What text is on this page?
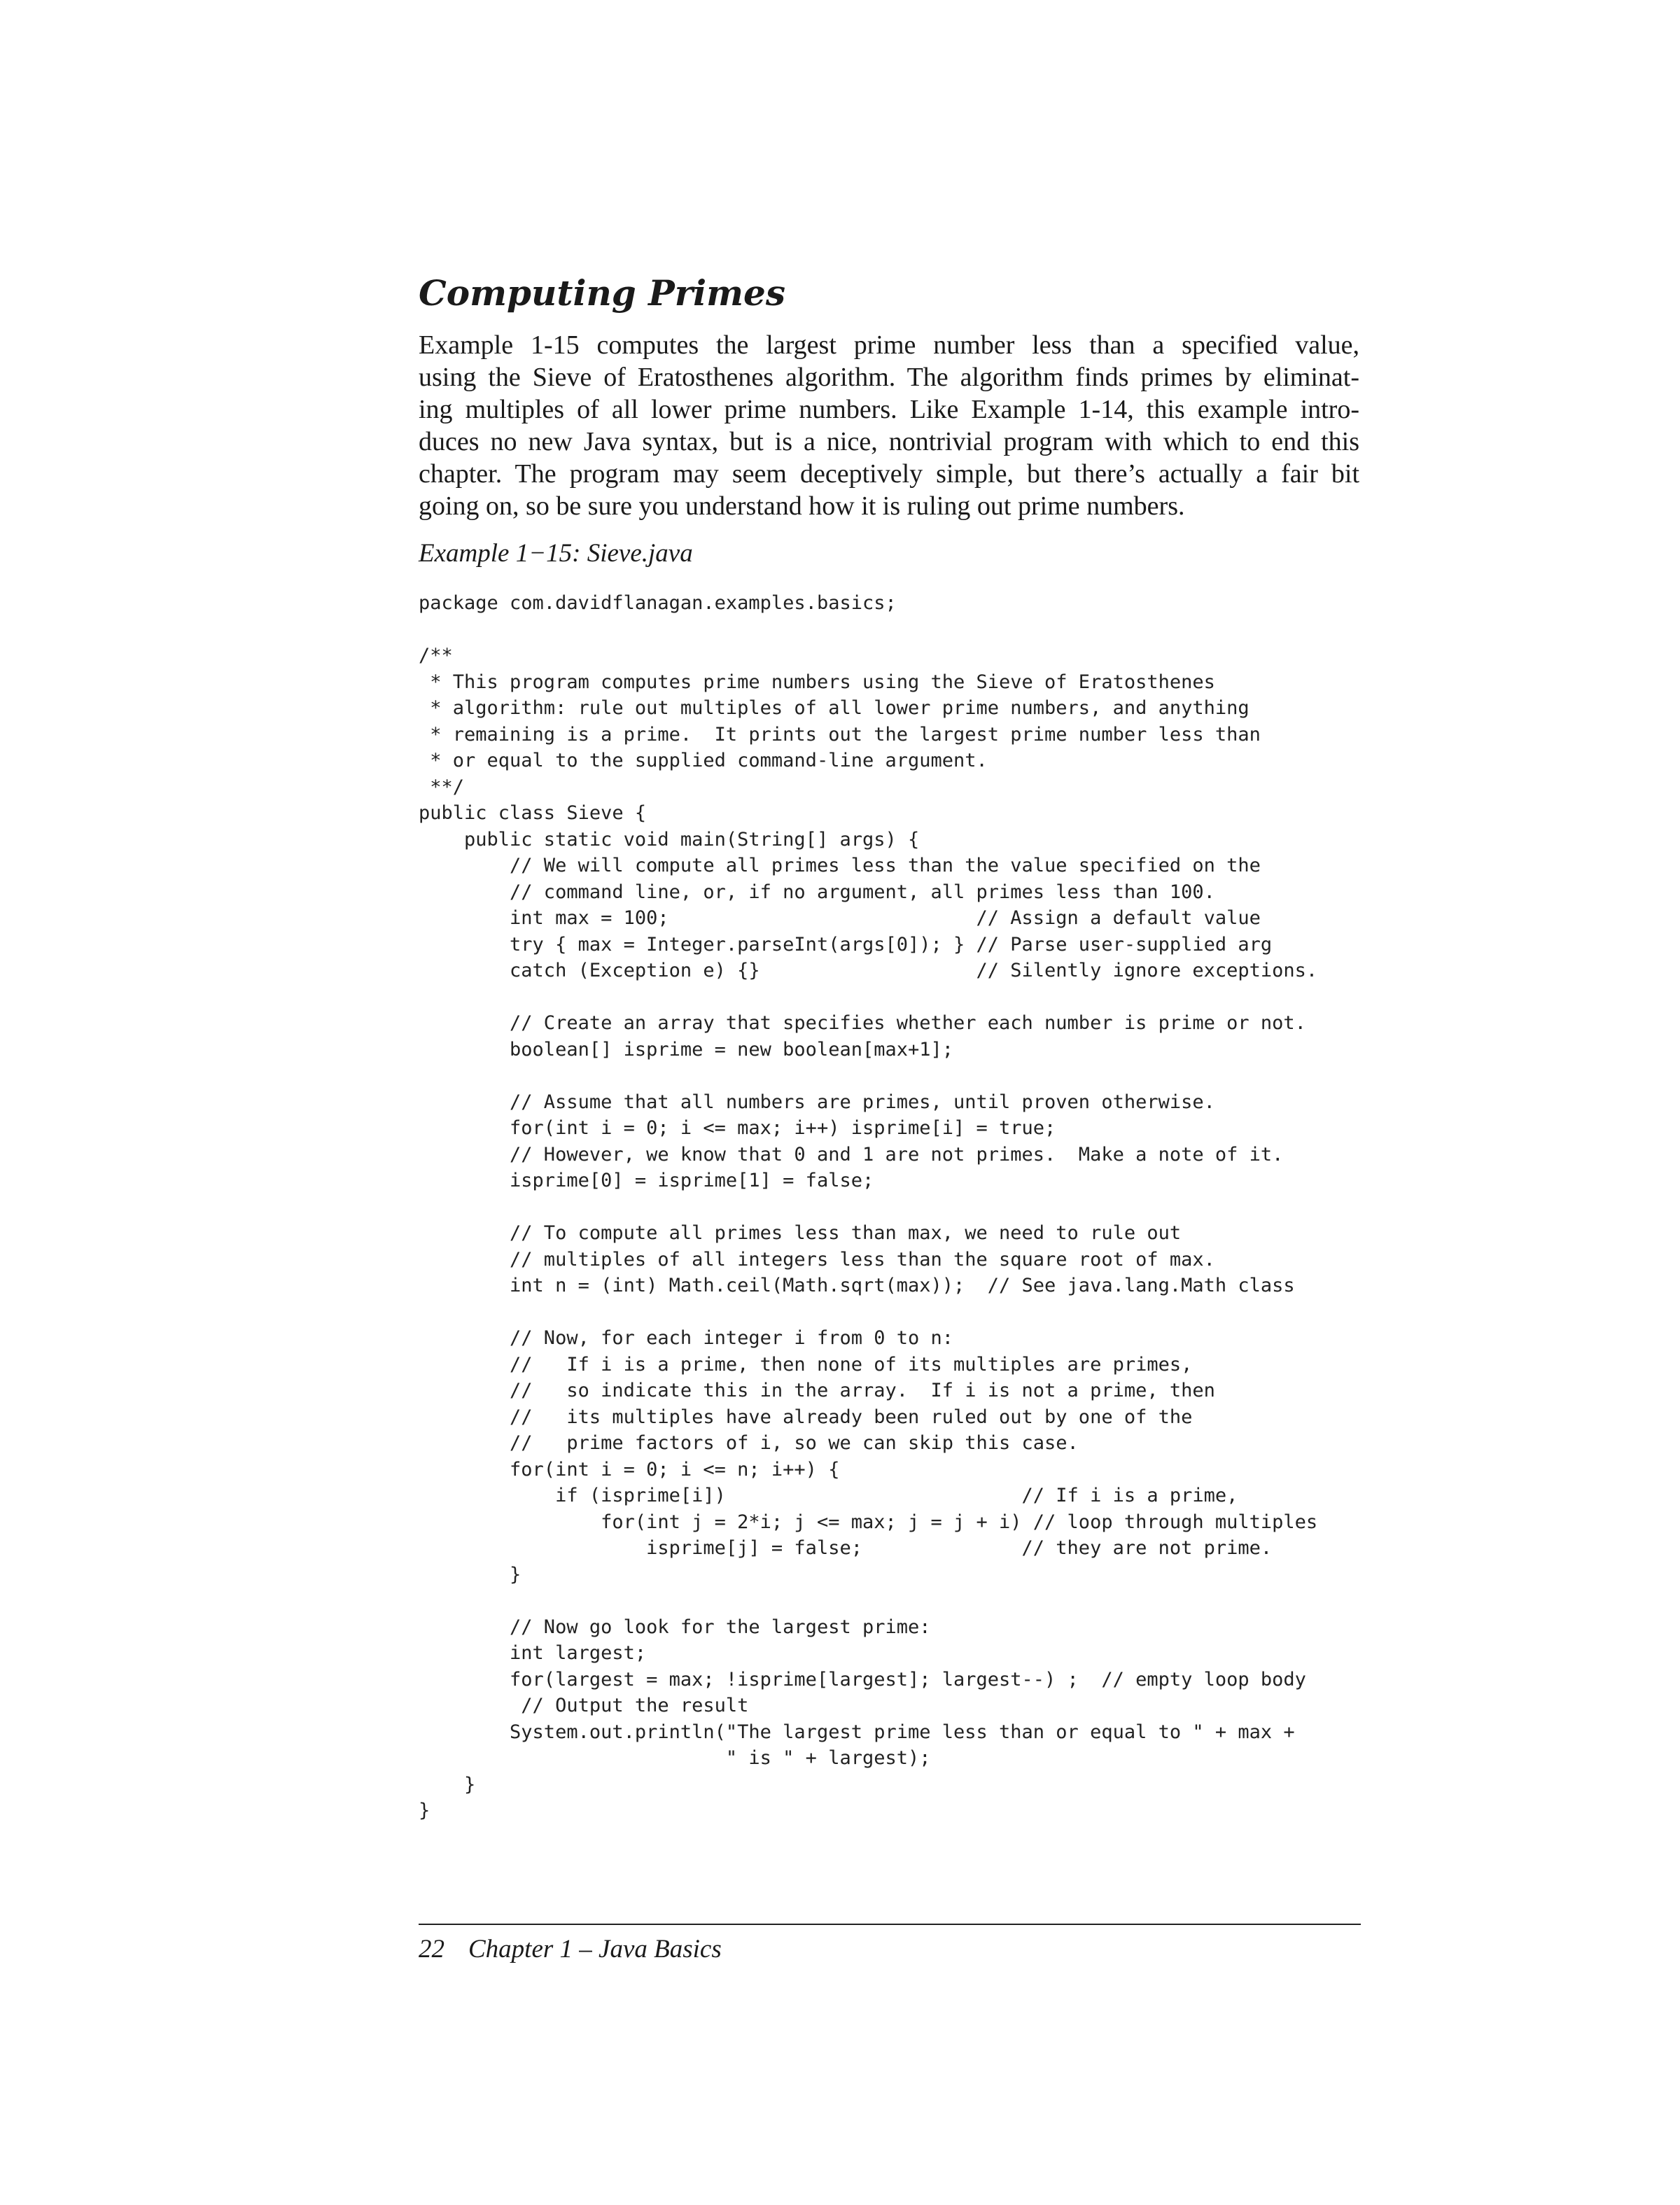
Computing Primes

Example 1-15 computes the largest prime number less than a specified value,
using the Sieve of Eratosthenes algorithm. The algorithm finds primes by eliminat-
ing multiples of all lower prime numbers. Like Example 1-14, this example intro-
duces no new Java syntax, but is a nice, nontrivial program with which to end this
chapter. The program may seem deceptively simple, but there’s actually a fair bit
going on, so be sure you understand how it is ruling out prime numbers.

Example 1−15: Sieve.java

package com.davidflanagan.examples.basics;
/**
* This program computes prime numbers using the Sieve of Eratosthenes
* algorithm: rule out multiples of all lower prime numbers, and anything
* remaining is a prime.  It prints out the largest prime number less than
* or equal to the supplied command-line argument.
**/
public class Sieve {
public static void main(String[] args) {
// We will compute all primes less than the value specified on the
// command line, or, if no argument, all primes less than 100.
int max = 100;                           // Assign a default value
try { max = Integer.parseInt(args[0]); } // Parse user-supplied arg
catch (Exception e) {}                   // Silently ignore exceptions.
// Create an array that specifies whether each number is prime or not.
boolean[] isprime = new boolean[max+1];
// Assume that all numbers are primes, until proven otherwise.
for(int i = 0; i <= max; i++) isprime[i] = true;
// However, we know that 0 and 1 are not primes.  Make a note of it.
isprime[0] = isprime[1] = false;
// To compute all primes less than max, we need to rule out
// multiples of all integers less than the square root of max.
int n = (int) Math.ceil(Math.sqrt(max));  // See java.lang.Math class
// Now, for each integer i from 0 to n:
//   If i is a prime, then none of its multiples are primes,
//   so indicate this in the array.  If i is not a prime, then
//   its multiples have already been ruled out by one of the
//   prime factors of i, so we can skip this case.
for(int i = 0; i <= n; i++) {
if (isprime[i])                          // If i is a prime,
for(int j = 2*i; j <= max; j = j + i) // loop through multiples
isprime[j] = false;              // they are not prime.
}
// Now go look for the largest prime:
int largest;
for(largest = max; !isprime[largest]; largest--) ;  // empty loop body
// Output the result
System.out.println("The largest prime less than or equal to " + max +
" is " + largest);
}
}

22 Chapter 1 – Java Basics
